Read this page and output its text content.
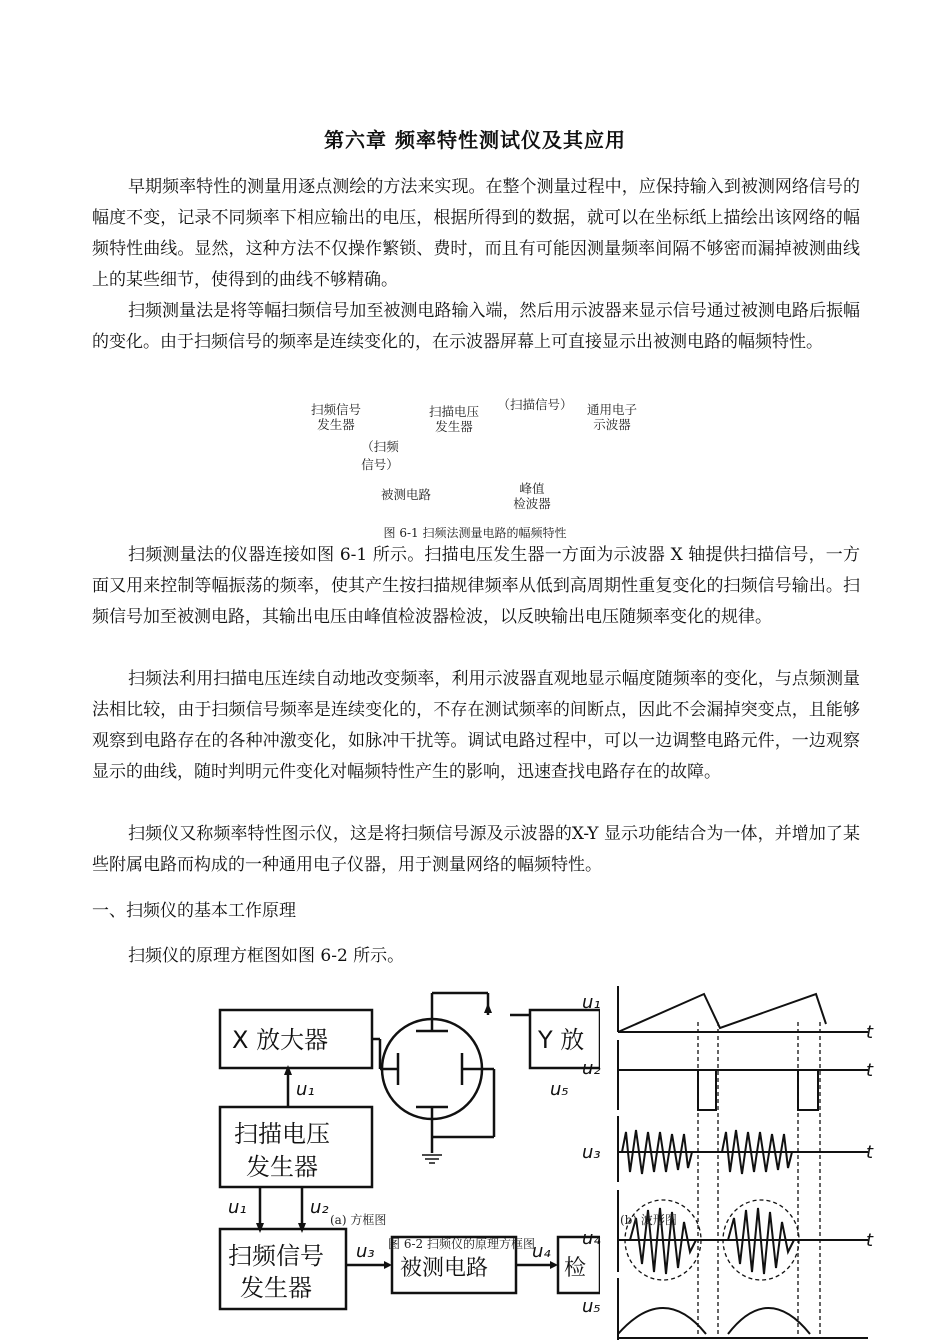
第六章 频率特性测试仪及其应用
早期频率特性的测量用逐点测绘的方法来实现。在整个测量过程中，应保持输入到被测网络信号的幅度不变，记录不同频率下相应输出的电压，根据所得到的数据，就可以在坐标纸上描绘出该网络的幅频特性曲线。显然，这种方法不仅操作繁锁、费时，而且有可能因测量频率间隔不够密而漏掉被测曲线上的某些细节，使得到的曲线不够精确。
扫频测量法是将等幅扫频信号加至被测电路输入端，然后用示波器来显示信号通过被测电路后振幅的变化。由于扫频信号的频率是连续变化的，在示波器屏幕上可直接显示出被测电路的幅频特性。
扫频信号
发生器
扫描电压
发生器
（扫描信号）	通用电子
示波器
（扫频
信号）
被测电路	峰值
检波器
图 6-1 扫频法测量电路的幅频特性
扫频测量法的仪器连接如图 6-1 所示。扫描电压发生器一方面为示波器 X 轴提供扫描信号，一方面又用来控制等幅振荡的频率，使其产生按扫描规律频率从低到高周期性重复变化的扫频信号输出。扫频信号加至被测电路，其输出电压由峰值检波器检波，以反映输出电压随频率变化的规律。
扫频法利用扫描电压连续自动地改变频率，利用示波器直观地显示幅度随频率的变化，与点频测量法相比较，由于扫频信号频率是连续变化的，不存在测试频率的间断点，因此不会漏掉突变点，且能够观察到电路存在的各种冲激变化，如脉冲干扰等。调试电路过程中，可以一边调整电路元件，一边观察显示的曲线，随时判明元件变化对幅频特性产生的影响，迅速查找电路存在的故障。
扫频仪又称频率特性图示仪，这是将扫频信号源及示波器的X-Y 显示功能结合为一体，并增加了某些附属电路而构成的一种通用电子仪器，用于测量网络的幅频特性。
一、扫频仪的基本工作原理
扫频仪的原理方框图如图 6-2 所示。
X 放大器
扫描电压
发生器
扫频信号
发生器
被测电路
Y 放
检
u₁
u₁	u₂
u₃	u₄
u₅
u₁
u₂
u₃
u₄
u₅
t
t
t
t
(a) 方框图	(b) 波形图
图 6-2 扫频仪的原理方框图
